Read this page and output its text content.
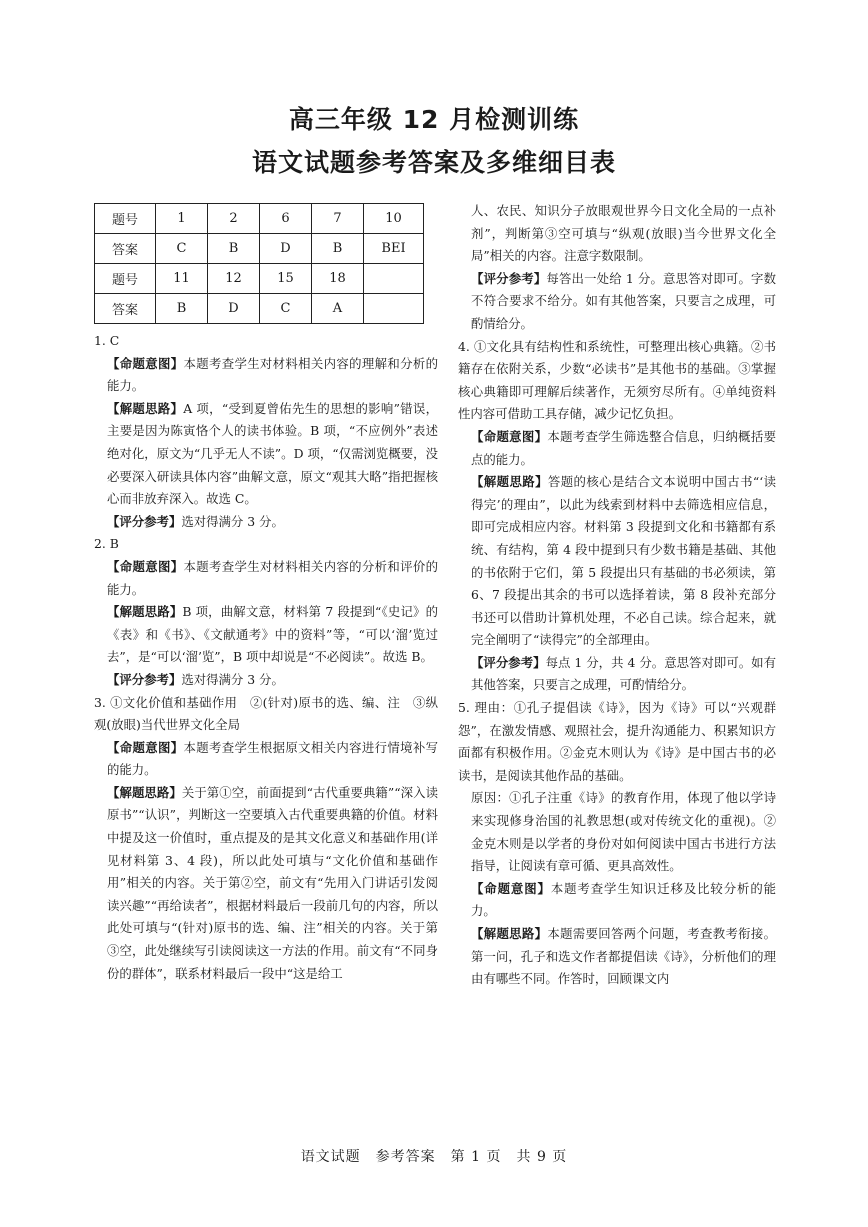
高三年级 12 月检测训练
语文试题参考答案及多维细目表
题号	1	2	6	7	10
答案	C	B	D	B	BEI
题号	11	12	15	18	
答案	B	D	C	A	

1. C

【命题意图】本题考查学生对材料相关内容的理解和分析的能力。

【解题思路】A 项，“受到夏曾佑先生的思想的影响”错误，主要是因为陈寅恪个人的读书体验。B 项，“不应例外”表述绝对化，原文为“几乎无人不读”。D 项，“仅需浏览概要，没必要深入研读具体内容”曲解文意，原文“观其大略”指把握核心而非放弃深入。故选 C。

【评分参考】选对得满分 3 分。

2. B

【命题意图】本题考查学生对材料相关内容的分析和评价的能力。

【解题思路】B 项，曲解文意，材料第 7 段提到“《史记》的《表》和《书》、《文献通考》中的资料”等，“可以‘溜’览过去”，是“可以‘溜’览”，B 项中却说是“不必阅读”。故选 B。

【评分参考】选对得满分 3 分。

3. ①文化价值和基础作用　②(针对)原书的选、编、注　③纵观(放眼)当代世界文化全局

【命题意图】本题考查学生根据原文相关内容进行情境补写的能力。

【解题思路】关于第①空，前面提到“古代重要典籍”“深入读原书”“认识”，判断这一空要填入古代重要典籍的价值。材料中提及这一价值时，重点提及的是其文化意义和基础作用(详见材料第 3、4 段)，所以此处可填与“文化价值和基础作用”相关的内容。关于第②空，前文有“先用入门讲话引发阅读兴趣”“再给读者”，根据材料最后一段前几句的内容，所以此处可填与“(针对)原书的选、编、注”相关的内容。关于第③空，此处继续写引读阅读这一方法的作用。前文有“不同身份的群体”，联系材料最后一段中“这是给工

人、农民、知识分子放眼观世界今日文化全局的一点补剂”，判断第③空可填与“纵观(放眼)当今世界文化全局”相关的内容。注意字数限制。

【评分参考】每答出一处给 1 分。意思答对即可。字数不符合要求不给分。如有其他答案，只要言之成理，可酌情给分。

4. ①文化具有结构性和系统性，可整理出核心典籍。②书籍存在依附关系，少数“必读书”是其他书的基础。③掌握核心典籍即可理解后续著作，无须穷尽所有。④单纯资料性内容可借助工具存储，减少记忆负担。

【命题意图】本题考查学生筛选整合信息，归纳概括要点的能力。

【解题思路】答题的核心是结合文本说明中国古书“‘读得完’的理由”，以此为线索到材料中去筛选相应信息，即可完成相应内容。材料第 3 段提到文化和书籍都有系统、有结构，第 4 段中提到只有少数书籍是基础、其他的书依附于它们，第 5 段提出只有基础的书必须读，第 6、7 段提出其余的书可以选择着读，第 8 段补充部分书还可以借助计算机处理，不必自己读。综合起来，就完全阐明了“读得完”的全部理由。

【评分参考】每点 1 分，共 4 分。意思答对即可。如有其他答案，只要言之成理，可酌情给分。

5. 理由：①孔子提倡读《诗》，因为《诗》可以“兴观群怨”，在激发情感、观照社会，提升沟通能力、积累知识方面都有积极作用。②金克木则认为《诗》是中国古书的必读书，是阅读其他作品的基础。

原因：①孔子注重《诗》的教育作用，体现了他以学诗来实现修身治国的礼教思想(或对传统文化的重视)。②金克木则是以学者的身份对如何阅读中国古书进行方法指导，让阅读有章可循、更具高效性。

【命题意图】本题考查学生知识迁移及比较分析的能力。

【解题思路】本题需要回答两个问题，考查教考衔接。第一问，孔子和选文作者都提倡读《诗》，分析他们的理由有哪些不同。作答时，回顾课文内

语文试题　参考答案　第 1 页　共 9 页
